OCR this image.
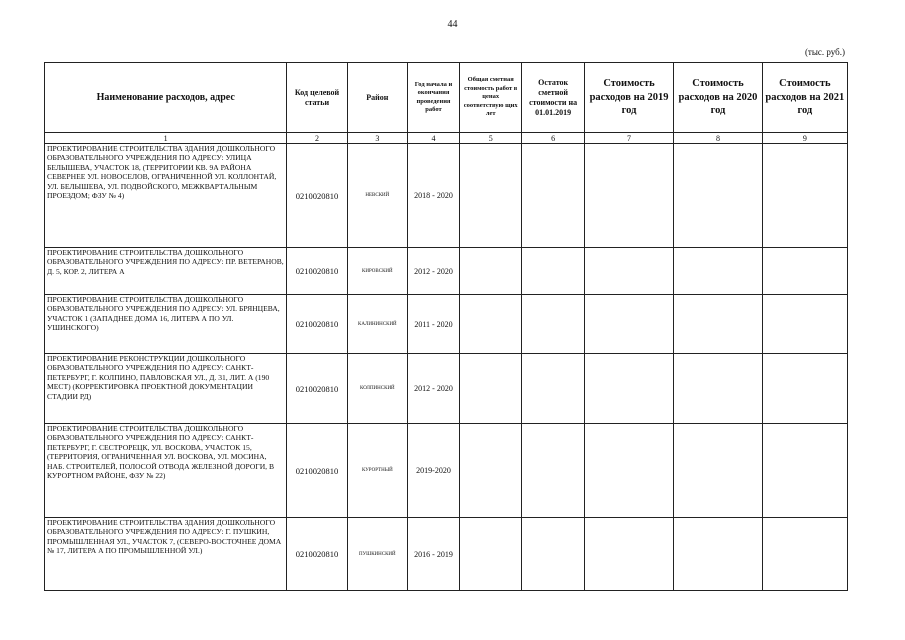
44
(тыс. руб.)
Наименование расходов, адрес	Код целевой статьи	Район	Год начала и окончания проведения работ	Общая сметная стоимость работ в ценах соответствую щих лет	Остаток сметной стоимости на 01.01.2019	Стоимость расходов на 2019 год	Стоимость расходов на 2020 год	Стоимость расходов на 2021 год
1	2	3	4	5	6	7	8	9
ПРОЕКТИРОВАНИЕ СТРОИТЕЛЬСТВА ЗДАНИЯ ДОШКОЛЬНОГО ОБРАЗОВАТЕЛЬНОГО УЧРЕЖДЕНИЯ ПО АДРЕСУ: УЛИЦА БЕЛЫШЕВА, УЧАСТОК 18, (ТЕРРИТОРИИ КВ. 9А РАЙОНА СЕВЕРНЕЕ УЛ. НОВОСЕЛОВ, ОГРАНИЧЕННОЙ УЛ. КОЛЛОНТАЙ, УЛ. БЕЛЫШЕВА, УЛ. ПОДВОЙСКОГО, МЕЖКВАРТАЛЬНЫМ ПРОЕЗДОМ; ФЗУ № 4)	0210020810	НЕВСКИЙ	2018 - 2020					
ПРОЕКТИРОВАНИЕ СТРОИТЕЛЬСТВА ДОШКОЛЬНОГО ОБРАЗОВАТЕЛЬНОГО УЧРЕЖДЕНИЯ ПО АДРЕСУ: ПР. ВЕТЕРАНОВ, Д. 5, КОР. 2, ЛИТЕРА А	0210020810	КИРОВСКИЙ	2012 - 2020					
ПРОЕКТИРОВАНИЕ СТРОИТЕЛЬСТВА ДОШКОЛЬНОГО ОБРАЗОВАТЕЛЬНОГО УЧРЕЖДЕНИЯ ПО АДРЕСУ: УЛ. БРЯНЦЕВА, УЧАСТОК 1 (ЗАПАДНЕЕ ДОМА 16, ЛИТЕРА А ПО УЛ. УШИНСКОГО)	0210020810	КАЛИНИНСКИЙ	2011 - 2020					
ПРОЕКТИРОВАНИЕ РЕКОНСТРУКЦИИ ДОШКОЛЬНОГО ОБРАЗОВАТЕЛЬНОГО УЧРЕЖДЕНИЯ ПО АДРЕСУ: САНКТ-ПЕТЕРБУРГ, Г. КОЛПИНО, ПАВЛОВСКАЯ УЛ., Д. 31, ЛИТ. А (190 МЕСТ) (КОРРЕКТИРОВКА ПРОЕКТНОЙ ДОКУМЕНТАЦИИ СТАДИИ РД)	0210020810	КОЛПИНСКИЙ	2012 - 2020					
ПРОЕКТИРОВАНИЕ СТРОИТЕЛЬСТВА ДОШКОЛЬНОГО ОБРАЗОВАТЕЛЬНОГО УЧРЕЖДЕНИЯ ПО АДРЕСУ: САНКТ-ПЕТЕРБУРГ, Г. СЕСТРОРЕЦК, УЛ. ВОСКОВА, УЧАСТОК 15, (ТЕРРИТОРИЯ, ОГРАНИЧЕННАЯ УЛ. ВОСКОВА, УЛ. МОСИНА, НАБ. СТРОИТЕЛЕЙ, ПОЛОСОЙ ОТВОДА ЖЕЛЕЗНОЙ ДОРОГИ, В КУРОРТНОМ РАЙОНЕ, ФЗУ № 22)	0210020810	КУРОРТНЫЙ	2019-2020					
ПРОЕКТИРОВАНИЕ СТРОИТЕЛЬСТВА ЗДАНИЯ ДОШКОЛЬНОГО ОБРАЗОВАТЕЛЬНОГО УЧРЕЖДЕНИЯ ПО АДРЕСУ: Г. ПУШКИН, ПРОМЫШЛЕННАЯ УЛ., УЧАСТОК 7, (СЕВЕРО-ВОСТОЧНЕЕ ДОМА № 17, ЛИТЕРА А ПО ПРОМЫШЛЕННОЙ УЛ.)	0210020810	ПУШКИНСКИЙ	2016 - 2019					
